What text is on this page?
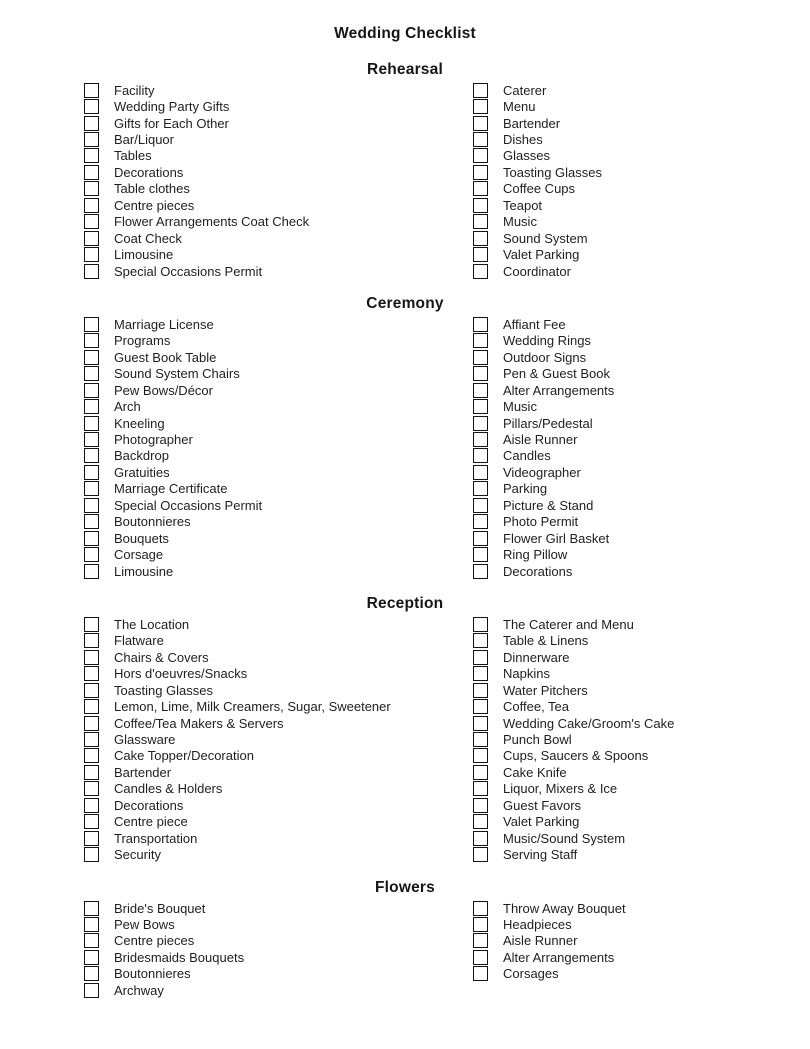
Wedding Checklist
Rehearsal
Facility
Wedding Party Gifts
Gifts for Each Other
Bar/Liquor
Tables
Decorations
Table clothes
Centre pieces
Flower Arrangements Coat Check
Coat Check
Limousine
Special Occasions Permit
Caterer
Menu
Bartender
Dishes
Glasses
Toasting Glasses
Coffee Cups
Teapot
Music
Sound System
Valet Parking
Coordinator
Ceremony
Marriage License
Programs
Guest Book Table
Sound System Chairs
Pew Bows/Décor
Arch
Kneeling
Photographer
Backdrop
Gratuities
Marriage Certificate
Special Occasions Permit
Boutonnieres
Bouquets
Corsage
Limousine
Affiant Fee
Wedding Rings
Outdoor Signs
Pen & Guest Book
Alter Arrangements
Music
Pillars/Pedestal
Aisle Runner
Candles
Videographer
Parking
Picture & Stand
Photo Permit
Flower Girl Basket
Ring Pillow
Decorations
Reception
The Location
Flatware
Chairs & Covers
Hors d'oeuvres/Snacks
Toasting Glasses
Lemon, Lime, Milk Creamers, Sugar, Sweetener
Coffee/Tea Makers & Servers
Glassware
Cake Topper/Decoration
Bartender
Candles & Holders
Decorations
Centre piece
Transportation
Security
The Caterer and Menu
Table & Linens
Dinnerware
Napkins
Water Pitchers
Coffee, Tea
Wedding Cake/Groom's Cake
Punch Bowl
Cups, Saucers & Spoons
Cake Knife
Liquor, Mixers & Ice
Guest Favors
Valet Parking
Music/Sound System
Serving Staff
Flowers
Bride's Bouquet
Pew Bows
Centre pieces
Bridesmaids Bouquets
Boutonnieres
Archway
Throw Away Bouquet
Headpieces
Aisle Runner
Alter Arrangements
Corsages
